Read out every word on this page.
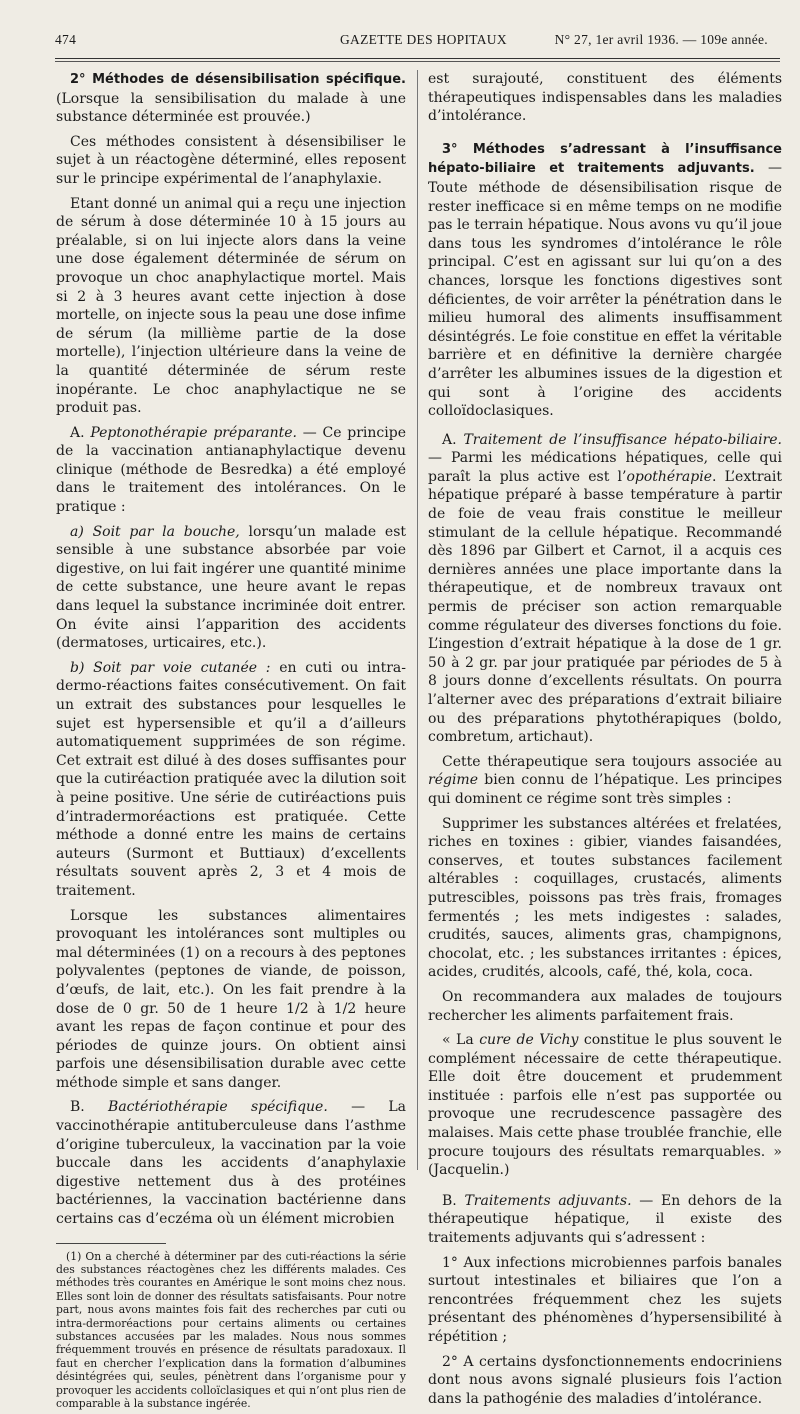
474	GAZETTE DES HOPITAUX	N° 27, 1er avril 1936. — 109e année.

2° Méthodes de désensibilisation spécifique. (Lorsque la sensibilisation du malade à une substance déterminée est prouvée.)

Ces méthodes consistent à désensibiliser le sujet à un réactogène déterminé, elles reposent sur le principe expérimental de l’anaphylaxie.

Etant donné un animal qui a reçu une injection de sérum à dose déterminée 10 à 15 jours au préalable, si on lui injecte alors dans la veine une dose également déterminée de sérum on provoque un choc anaphylactique mortel. Mais si 2 à 3 heures avant cette injection à dose mortelle, on injecte sous la peau une dose infime de sérum (la millième partie de la dose mortelle), l’injection ultérieure dans la veine de la quantité déterminée de sérum reste inopérante. Le choc anaphylactique ne se produit pas.

A. Peptonothérapie préparante. — Ce principe de la vaccination antianaphylactique devenu clinique (méthode de Besredka) a été employé dans le traitement des intolérances. On le pratique :

a) Soit par la bouche, lorsqu’un malade est sensible à une substance absorbée par voie digestive, on lui fait ingérer une quantité minime de cette substance, une heure avant le repas dans lequel la substance incriminée doit entrer. On évite ainsi l’apparition des accidents (dermatoses, urticaires, etc.).

b) Soit par voie cutanée : en cuti ou intra-dermo-réactions faites consécutivement. On fait un extrait des substances pour lesquelles le sujet est hypersensible et qu’il a d’ailleurs automatiquement supprimées de son régime. Cet extrait est dilué à des doses suffisantes pour que la cutiréaction pratiquée avec la dilution soit à peine positive. Une série de cutiréactions puis d’intradermoréactions est pratiquée. Cette méthode a donné entre les mains de certains auteurs (Surmont et Buttiaux) d’excellents résultats souvent après 2, 3 et 4 mois de traitement.

Lorsque les substances alimentaires provoquant les intolérances sont multiples ou mal déterminées (1) on a recours à des peptones polyvalentes (peptones de viande, de poisson, d’œufs, de lait, etc.). On les fait prendre à la dose de 0 gr. 50 de 1 heure 1/2 à 1/2 heure avant les repas de façon continue et pour des périodes de quinze jours. On obtient ainsi parfois une désensibilisation durable avec cette méthode simple et sans danger.

B. Bactériothérapie spécifique. — La vaccinothérapie antituberculeuse dans l’asthme d’origine tuberculeux, la vaccination par la voie buccale dans les accidents d’anaphylaxie digestive nettement dus à des protéines bactériennes, la vaccination bactérienne dans certains cas d’eczéma où un élément microbien

(1) On a cherché à déterminer par des cuti-réactions la série des substances réactogènes chez les différents malades. Ces méthodes très courantes en Amérique le sont moins chez nous. Elles sont loin de donner des résultats satisfaisants. Pour notre part, nous avons maintes fois fait des recherches par cuti ou intra-dermoréactions pour certains aliments ou certaines substances accusées par les malades. Nous nous sommes fréquemment trouvés en présence de résultats paradoxaux. Il faut en chercher l’explication dans la formation d’albumines désintégrées qui, seules, pénètrent dans l’organisme pour y provoquer les accidents colloïclasiques et qui n’ont plus rien de comparable à la substance ingérée.

est surajouté, constituent des éléments thérapeutiques indispensables dans les maladies d’intolérance.

3° Méthodes s’adressant à l’insuffisance hépato-biliaire et traitements adjuvants. — Toute méthode de désensibilisation risque de rester inefficace si en même temps on ne modifie pas le terrain hépatique. Nous avons vu qu’il joue dans tous les syndromes d’intolérance le rôle principal. C’est en agissant sur lui qu’on a des chances, lorsque les fonctions digestives sont déficientes, de voir arrêter la pénétration dans le milieu humoral des aliments insuffisamment désintégrés. Le foie constitue en effet la véritable barrière et en définitive la dernière chargée d’arrêter les albumines issues de la digestion et qui sont à l’origine des accidents colloïdoclasiques.

A. Traitement de l’insuffisance hépato-biliaire. — Parmi les médications hépatiques, celle qui paraît la plus active est l’opothérapie. L’extrait hépatique préparé à basse température à partir de foie de veau frais constitue le meilleur stimulant de la cellule hépatique. Recommandé dès 1896 par Gilbert et Carnot, il a acquis ces dernières années une place importante dans la thérapeutique, et de nombreux travaux ont permis de préciser son action remarquable comme régulateur des diverses fonctions du foie. L’ingestion d’extrait hépatique à la dose de 1 gr. 50 à 2 gr. par jour pratiquée par périodes de 5 à 8 jours donne d’excellents résultats. On pourra l’alterner avec des préparations d’extrait biliaire ou des préparations phytothérapiques (boldo, combretum, artichaut).

Cette thérapeutique sera toujours associée au régime bien connu de l’hépatique. Les principes qui dominent ce régime sont très simples :

Supprimer les substances altérées et frelatées, riches en toxines : gibier, viandes faisandées, conserves, et toutes substances facilement altérables : coquillages, crustacés, aliments putrescibles, poissons pas très frais, fromages fermentés ; les mets indigestes : salades, crudités, sauces, aliments gras, champignons, chocolat, etc. ; les substances irritantes : épices, acides, crudités, alcools, café, thé, kola, coca.

On recommandera aux malades de toujours rechercher les aliments parfaitement frais.

« La cure de Vichy constitue le plus souvent le complément nécessaire de cette thérapeutique. Elle doit être doucement et prudemment instituée : parfois elle n’est pas supportée ou provoque une recrudescence passagère des malaises. Mais cette phase troublée franchie, elle procure toujours des résultats remarquables. » (Jacquelin.)

B. Traitements adjuvants. — En dehors de la thérapeutique hépatique, il existe des traitements adjuvants qui s’adressent :

1° Aux infections microbiennes parfois banales surtout intestinales et biliaires que l’on a rencontrées fréquemment chez les sujets présentant des phénomènes d’hypersensibilité à répétition ;

2° A certains dysfonctionnements endocriniens dont nous avons signalé plusieurs fois l’action dans la pathogénie des maladies d’intolérance.
